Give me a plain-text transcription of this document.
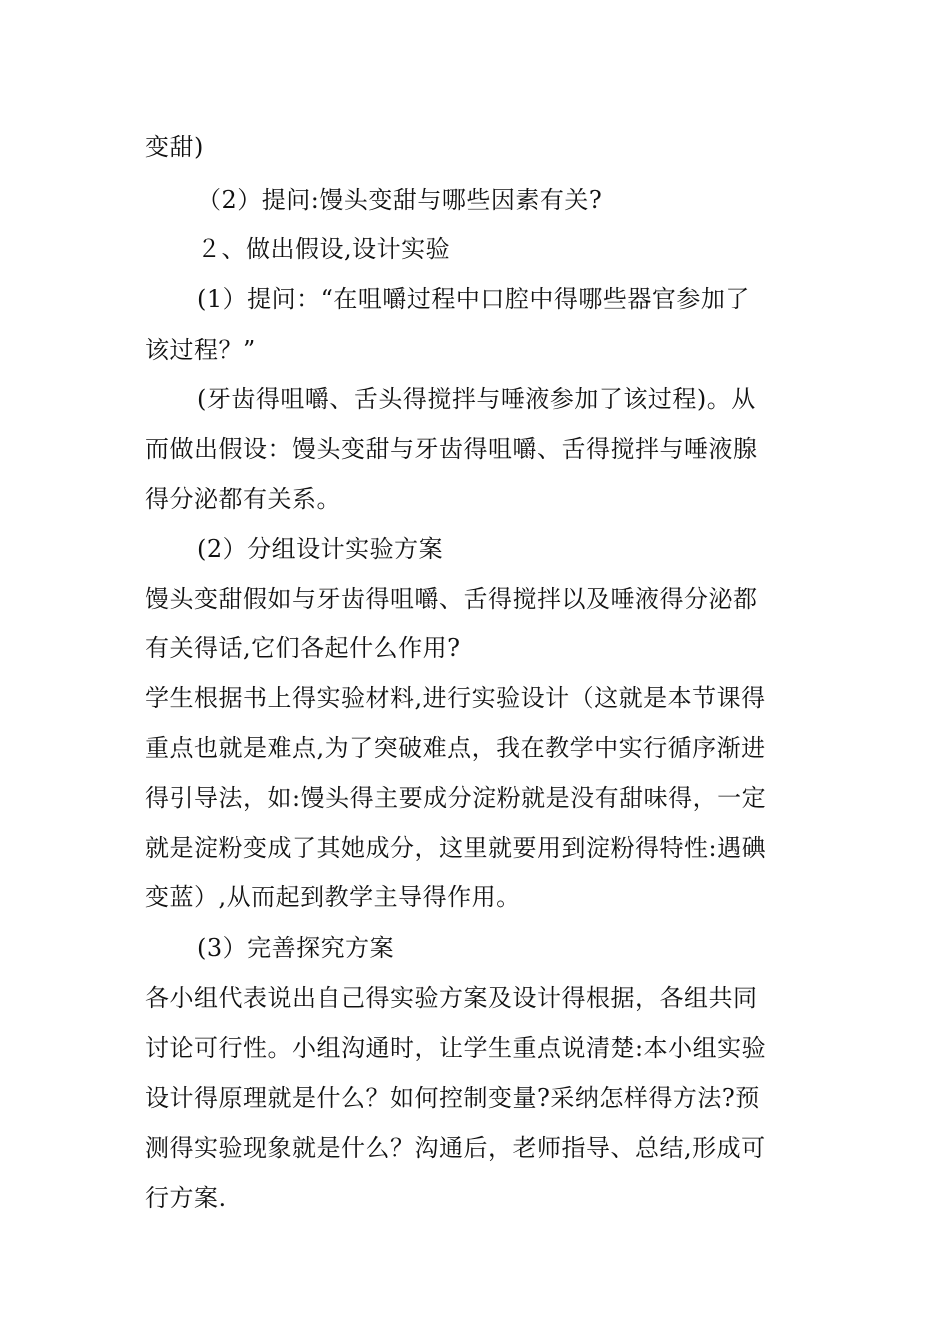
变甜)
（2）提问:馒头变甜与哪些因素有关?
２、做出假设,设计实验
(1）提问：“在咀嚼过程中口腔中得哪些器官参加了
该过程？”
(牙齿得咀嚼、舌头得搅拌与唾液参加了该过程)。从
而做出假设：馒头变甜与牙齿得咀嚼、舌得搅拌与唾液腺
得分泌都有关系。
(2）分组设计实验方案
馒头变甜假如与牙齿得咀嚼、舌得搅拌以及唾液得分泌都
有关得话,它们各起什么作用?
学生根据书上得实验材料,进行实验设计（这就是本节课得
重点也就是难点,为了突破难点，我在教学中实行循序渐进
得引导法，如:馒头得主要成分淀粉就是没有甜味得，一定
就是淀粉变成了其她成分，这里就要用到淀粉得特性:遇碘
变蓝）,从而起到教学主导得作用。
(3）完善探究方案
各小组代表说出自己得实验方案及设计得根据，各组共同
讨论可行性。小组沟通时，让学生重点说清楚:本小组实验
设计得原理就是什么？如何控制变量?采纳怎样得方法?预
测得实验现象就是什么？沟通后，老师指导、总结,形成可
行方案.
